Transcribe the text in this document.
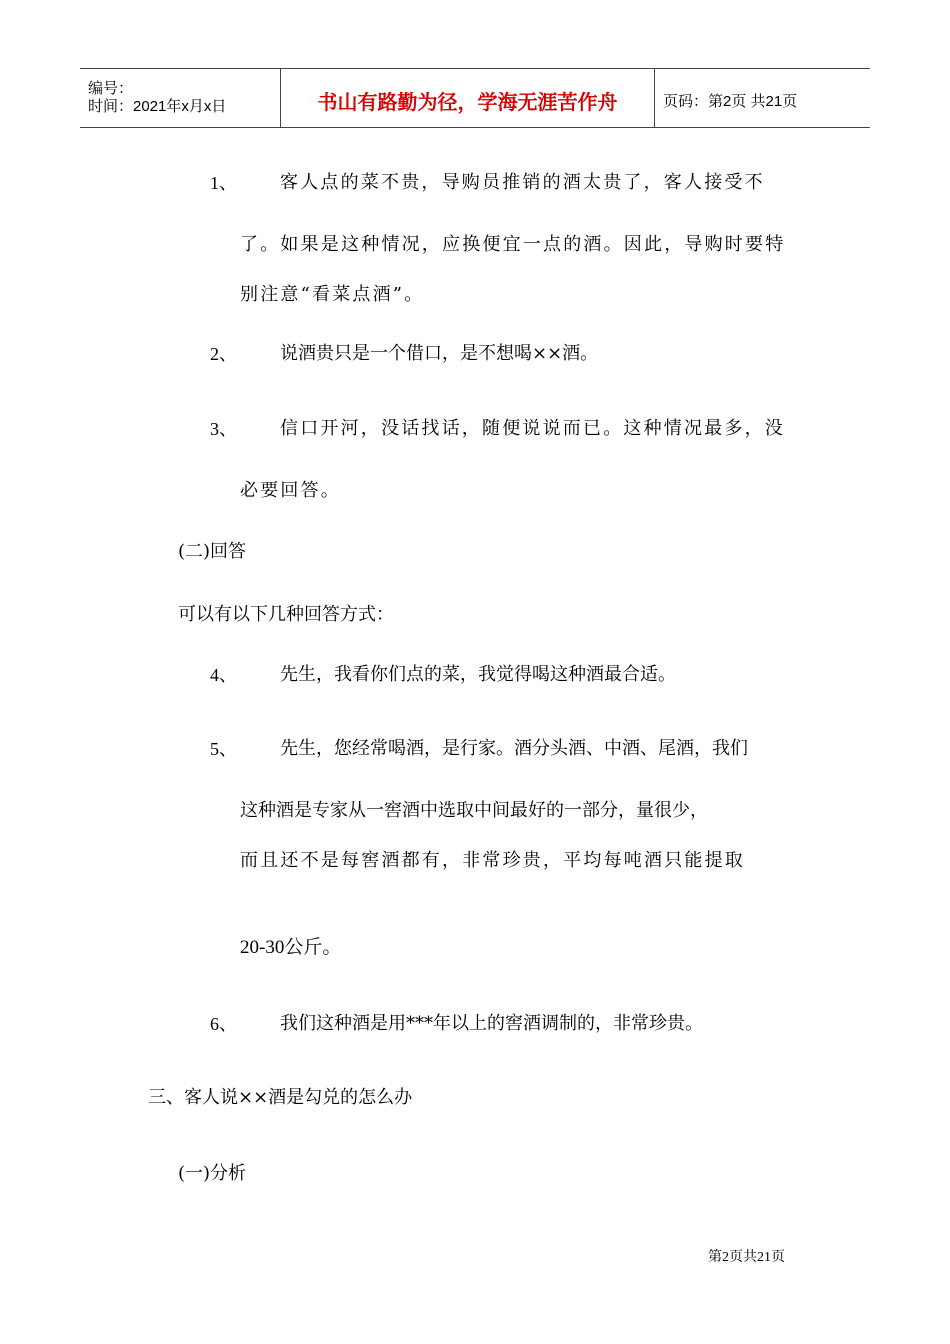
编号：
时间：2021年x月x日	书山有路勤为径，学海无涯苦作舟	页码：第2页 共21页
1、 客人点的菜不贵，导购员推销的酒太贵了，客人接受不
了。如果是这种情况，应换便宜一点的酒。因此，导购时要特
别注意“看菜点酒”。
2、 说酒贵只是一个借口，是不想喝××酒。
3、 信口开河，没话找话，随便说说而已。这种情况最多，没
必要回答。
(二)回答
可以有以下几种回答方式：
4、 先生，我看你们点的菜，我觉得喝这种酒最合适。
5、 先生，您经常喝酒，是行家。酒分头酒、中酒、尾酒，我们
这种酒是专家从一窖酒中选取中间最好的一部分，量很少，
而且还不是每窖酒都有，非常珍贵，平均每吨酒只能提取
20-30公斤。
6、 我们这种酒是用***年以上的窖酒调制的，非常珍贵。
三、客人说××酒是勾兑的怎么办
(一)分析
第2页共21页
